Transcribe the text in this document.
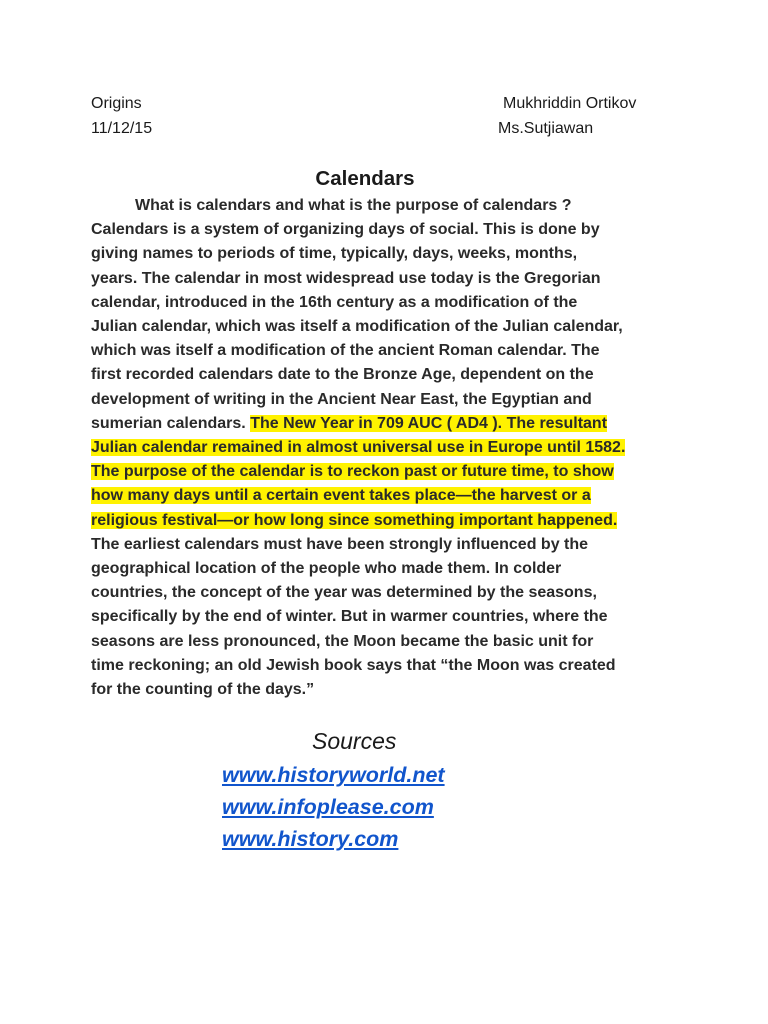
Origins
11/12/15
Mukhriddin Ortikov
Ms.Sutjiawan
Calendars
What is calendars and what is the purpose of calendars ?
Calendars is a system of organizing days of social. This is done by
giving names to periods of time, typically, days, weeks, months,
years. The calendar in most widespread use today is the Gregorian
calendar, introduced in the 16th century as a modification of the
Julian calendar, which was itself a modification of the Julian calendar,
which was itself a modification of the ancient Roman calendar. The
first recorded calendars date to the Bronze Age, dependent on the
development of writing in the Ancient Near East, the Egyptian and
sumerian calendars. The New Year in 709 AUC ( AD4 ). The resultant
Julian calendar remained in almost universal use in Europe until 1582.
The purpose of the calendar is to reckon past or future time, to show
how many days until a certain event takes place—the harvest or a
religious festival—or how long since something important happened.
The earliest calendars must have been strongly influenced by the
geographical location of the people who made them. In colder
countries, the concept of the year was determined by the seasons,
specifically by the end of winter. But in warmer countries, where the
seasons are less pronounced, the Moon became the basic unit for
time reckoning; an old Jewish book says that “the Moon was created
for the counting of the days.”
Sources
www.historyworld.net
www.infoplease.com
www.history.com
